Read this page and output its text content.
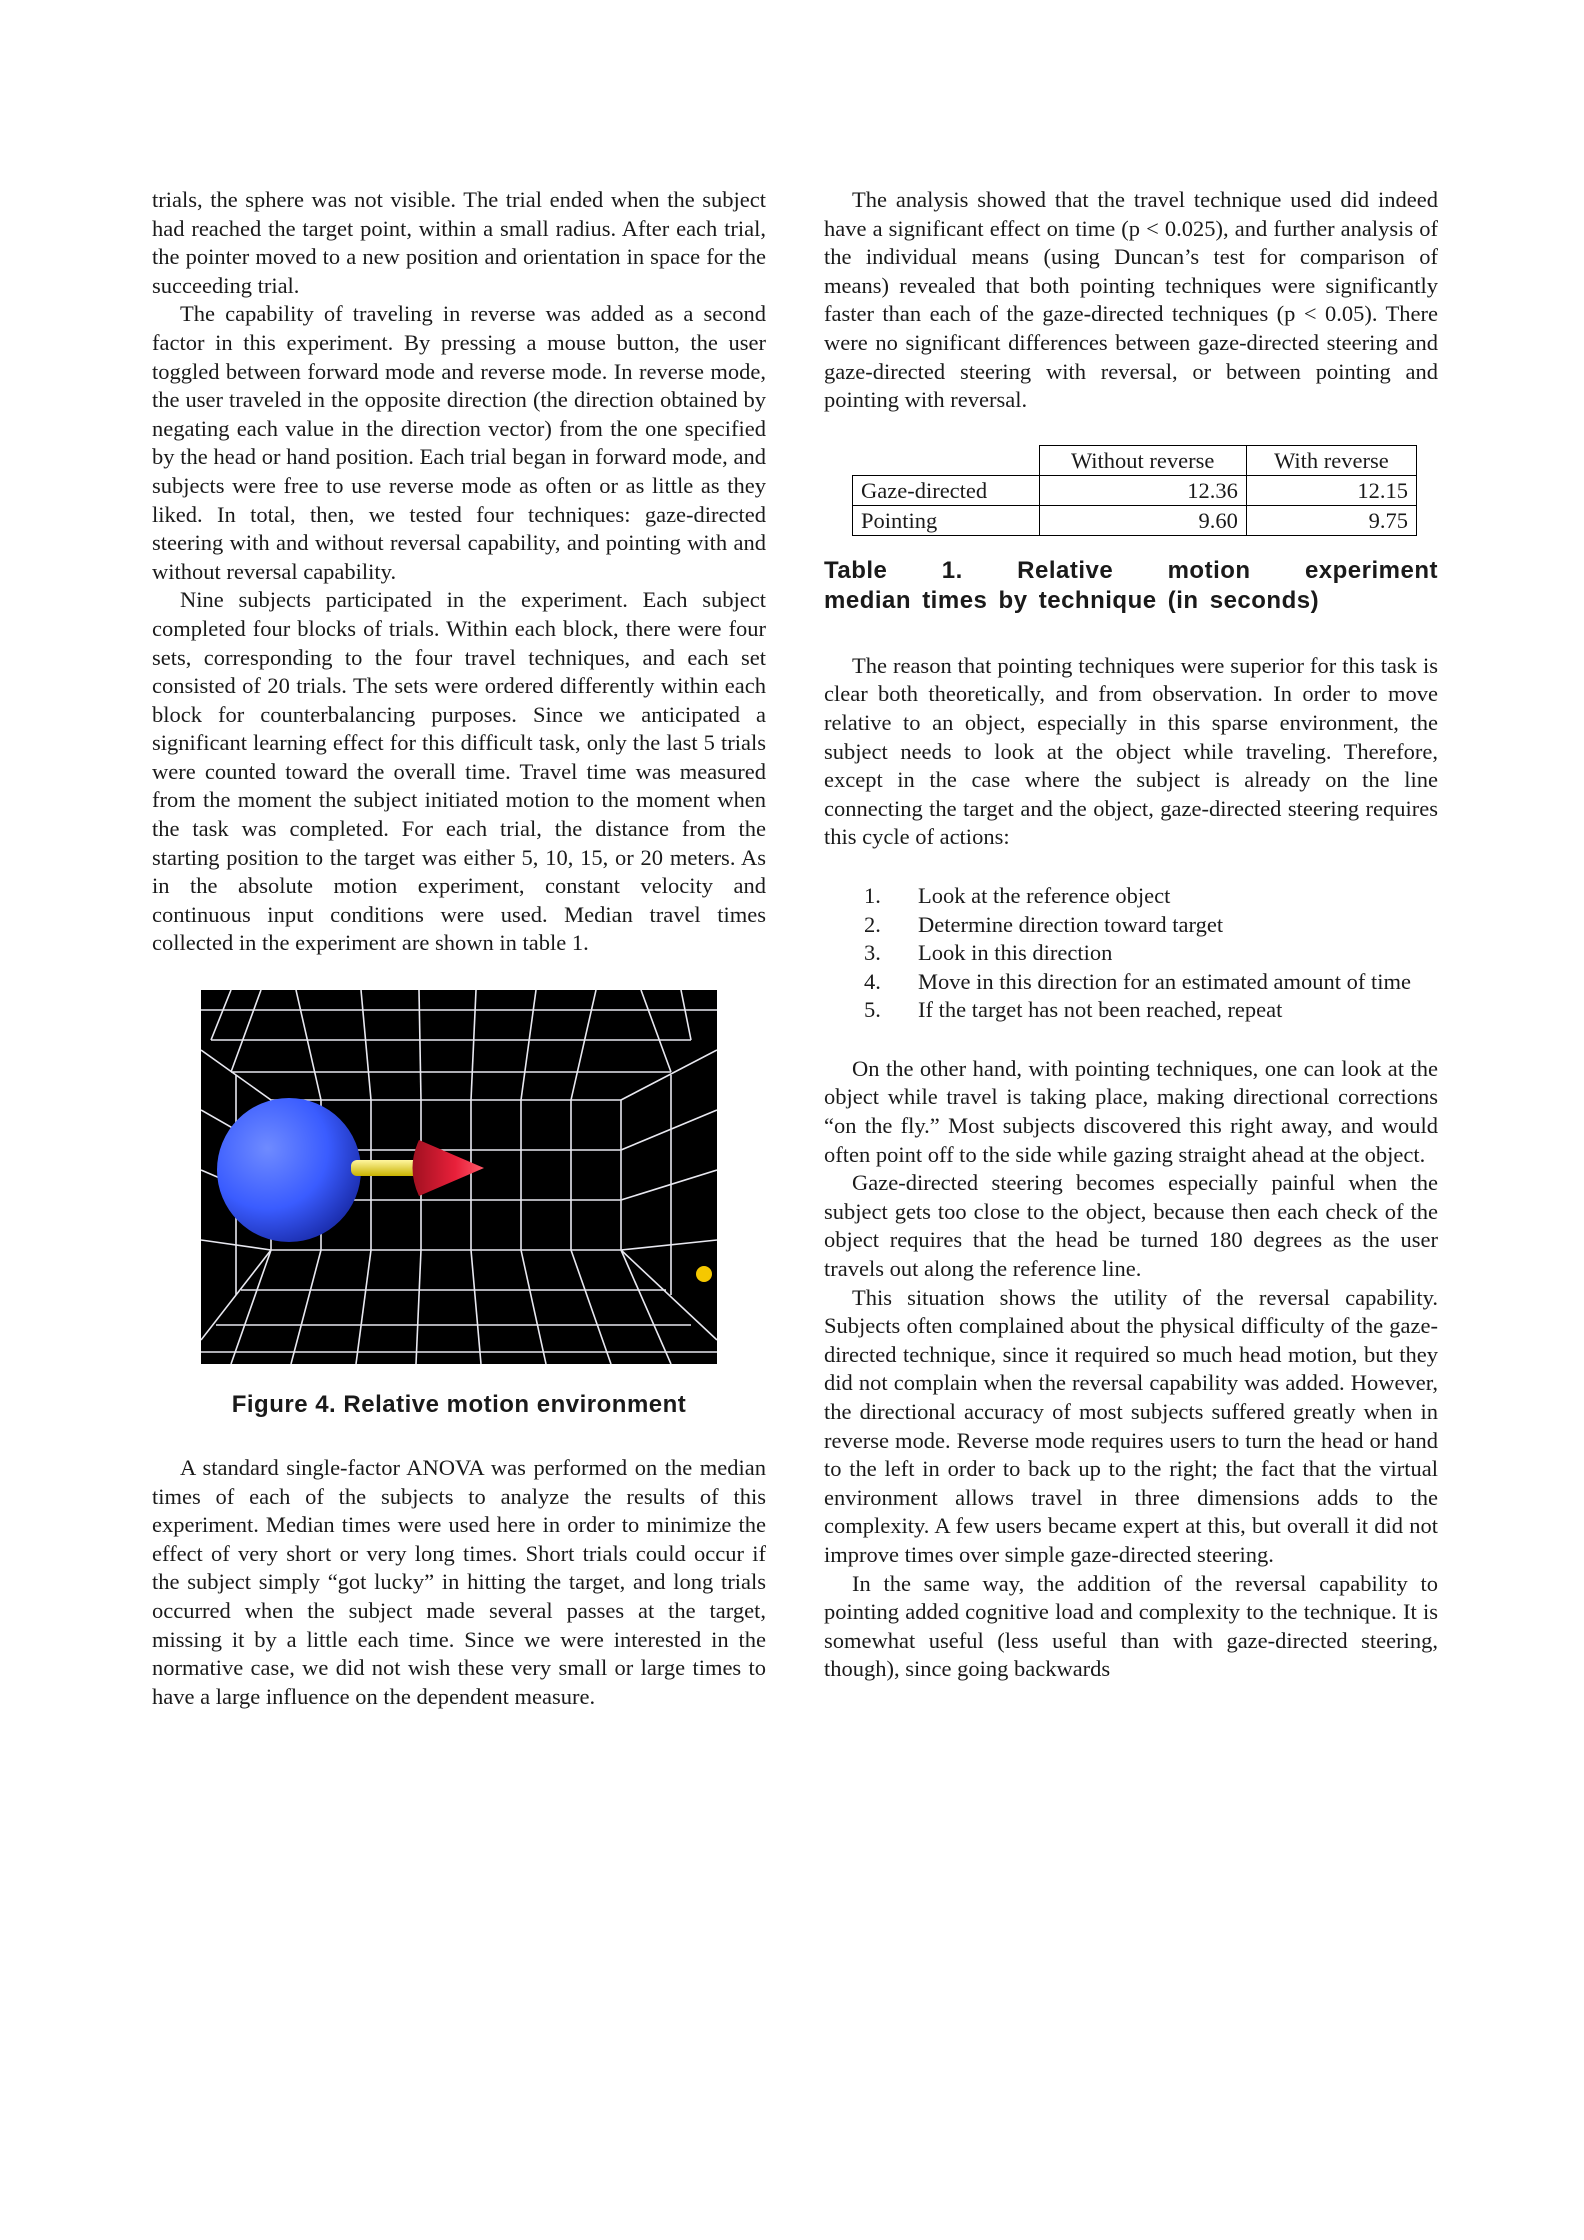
trials, the sphere was not visible. The trial ended when the subject had reached the target point, within a small radius. After each trial, the pointer moved to a new position and orientation in space for the succeeding trial.

The capability of traveling in reverse was added as a second factor in this experiment. By pressing a mouse button, the user toggled between forward mode and reverse mode. In reverse mode, the user traveled in the opposite direction (the direction obtained by negating each value in the direction vector) from the one specified by the head or hand position. Each trial began in forward mode, and subjects were free to use reverse mode as often or as little as they liked. In total, then, we tested four techniques: gaze-directed steering with and without reversal capability, and pointing with and without reversal capability.

Nine subjects participated in the experiment. Each subject completed four blocks of trials. Within each block, there were four sets, corresponding to the four travel techniques, and each set consisted of 20 trials. The sets were ordered differently within each block for counterbalancing purposes. Since we anticipated a significant learning effect for this difficult task, only the last 5 trials were counted toward the overall time. Travel time was measured from the moment the subject initiated motion to the moment when the task was completed. For each trial, the distance from the starting position to the target was either 5, 10, 15, or 20 meters. As in the absolute motion experiment, constant velocity and continuous input conditions were used. Median travel times collected in the experiment are shown in table 1.

Figure 4. Relative motion environment

A standard single-factor ANOVA was performed on the median times of each of the subjects to analyze the results of this experiment. Median times were used here in order to minimize the effect of very short or very long times. Short trials could occur if the subject simply “got lucky” in hitting the target, and long trials occurred when the subject made several passes at the target, missing it by a little each time. Since we were interested in the normative case, we did not wish these very small or large times to have a large influence on the dependent measure.

The analysis showed that the travel technique used did indeed have a significant effect on time (p < 0.025), and further analysis of the individual means (using Duncan’s test for comparison of means) revealed that both pointing techniques were significantly faster than each of the gaze-directed techniques (p < 0.05). There were no significant differences between gaze-directed steering and gaze-directed steering with reversal, or between pointing and pointing with reversal.

	Without reverse	With reverse
Gaze-directed	12.36	12.15
Pointing	9.60	9.75
Table 1. Relative motion experiment
median times by technique (in seconds)

The reason that pointing techniques were superior for this task is clear both theoretically, and from observation. In order to move relative to an object, especially in this sparse environment, the subject needs to look at the object while traveling. Therefore, except in the case where the subject is already on the line connecting the target and the object, gaze-directed steering requires this cycle of actions:

1. Look at the reference object
2. Determine direction toward target
3. Look in this direction
4. Move in this direction for an estimated amount of time
5. If the target has not been reached, repeat

On the other hand, with pointing techniques, one can look at the object while travel is taking place, making directional corrections “on the fly.” Most subjects discovered this right away, and would often point off to the side while gazing straight ahead at the object.

Gaze-directed steering becomes especially painful when the subject gets too close to the object, because then each check of the object requires that the head be turned 180 degrees as the user travels out along the reference line.

This situation shows the utility of the reversal capability. Subjects often complained about the physical difficulty of the gaze-directed technique, since it required so much head motion, but they did not complain when the reversal capability was added. However, the directional accuracy of most subjects suffered greatly when in reverse mode. Reverse mode requires users to turn the head or hand to the left in order to back up to the right; the fact that the virtual environment allows travel in three dimensions adds to the complexity. A few users became expert at this, but overall it did not improve times over simple gaze-directed steering.

In the same way, the addition of the reversal capability to pointing added cognitive load and complexity to the technique. It is somewhat useful (less useful than with gaze-directed steering, though), since going backwards
